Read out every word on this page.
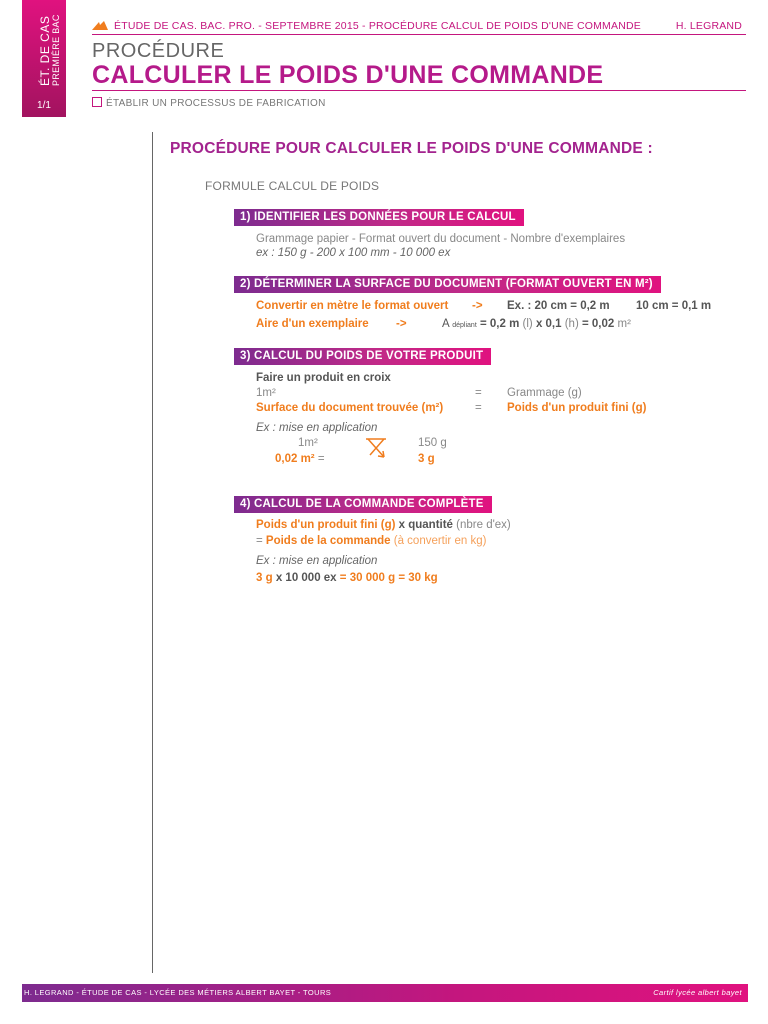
ÉT. DE CAS PREMIÈRE BAC
1/1
ÉTUDE DE CAS. BAC. PRO. - SEPTEMBRE 2015 - PROCÉDURE CALCUL DE POIDS D'UNE COMMANDE	H. LEGRAND
PROCÉDURE
CALCULER LE POIDS D'UNE COMMANDE
ÉTABLIR UN PROCESSUS DE FABRICATION
PROCÉDURE POUR CALCULER LE POIDS D'UNE COMMANDE :
FORMULE CALCUL DE POIDS
1) IDENTIFIER LES DONNÉES POUR LE CALCUL
Grammage papier - Format ouvert du document - Nombre d'exemplaires
ex : 150 g - 200 x 100 mm - 10 000 ex
2) DÉTERMINER LA SURFACE DU DOCUMENT (FORMAT OUVERT EN M²)
Convertir en mètre le format ouvert -> Ex. : 20 cm = 0,2 m 10 cm = 0,1 m
Aire d'un exemplaire ->	A dépliant = 0,2 m (l) x 0,1 (h) = 0,02 m²
3) CALCUL DU POIDS DE VOTRE PRODUIT
Faire un produit en croix
1m²	= Grammage (g)
Surface du document trouvée (m²)	= Poids d'un produit fini (g)
Ex : mise en application
1m²	150 g
0,02 m² =	3 g
4) CALCUL DE LA COMMANDE COMPLÈTE
Poids d'un produit fini (g) x quantité (nbre d'ex)
= Poids de la commande (à convertir en kg)
Ex : mise en application
3 g x 10 000 ex = 30 000 g = 30 kg
H. LEGRAND - ÉTUDE DE CAS - LYCÉE DES MÉTIERS ALBERT BAYET - TOURS	Cartif lycée albert bayet
